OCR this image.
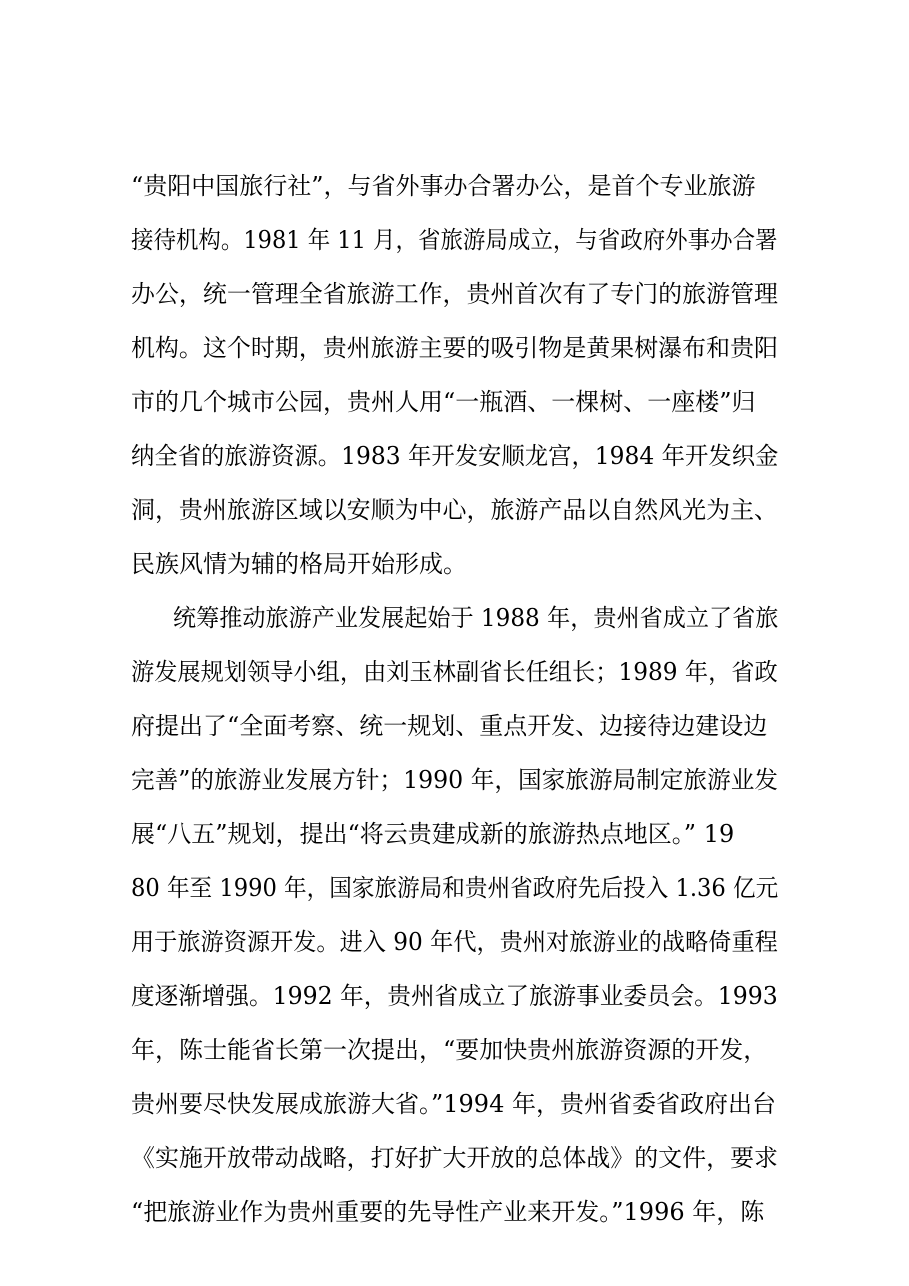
“贵阳中国旅行社”，与省外事办合署办公，是首个专业旅游
接待机构。1981 年 11 月，省旅游局成立，与省政府外事办合署
办公，统一管理全省旅游工作，贵州首次有了专门的旅游管理
机构。这个时期，贵州旅游主要的吸引物是黄果树瀑布和贵阳
市的几个城市公园，贵州人用“一瓶酒、一棵树、一座楼”归
纳全省的旅游资源。1983 年开发安顺龙宫，1984 年开发织金
洞，贵州旅游区域以安顺为中心，旅游产品以自然风光为主、
民族风情为辅的格局开始形成。
统筹推动旅游产业发展起始于 1988 年，贵州省成立了省旅
游发展规划领导小组，由刘玉林副省长任组长；1989 年，省政
府提出了“全面考察、统一规划、重点开发、边接待边建设边
完善”的旅游业发展方针；1990 年，国家旅游局制定旅游业发
展“八五”规划，提出“将云贵建成新的旅游热点地区。” 19
80 年至 1990 年，国家旅游局和贵州省政府先后投入 1.36 亿元
用于旅游资源开发。进入 90 年代，贵州对旅游业的战略倚重程
度逐渐增强。1992 年，贵州省成立了旅游事业委员会。1993
年，陈士能省长第一次提出，“要加快贵州旅游资源的开发，
贵州要尽快发展成旅游大省。”1994 年，贵州省委省政府出台
《实施开放带动战略，打好扩大开放的总体战》的文件，要求
“把旅游业作为贵州重要的先导性产业来开发。”1996 年，陈
